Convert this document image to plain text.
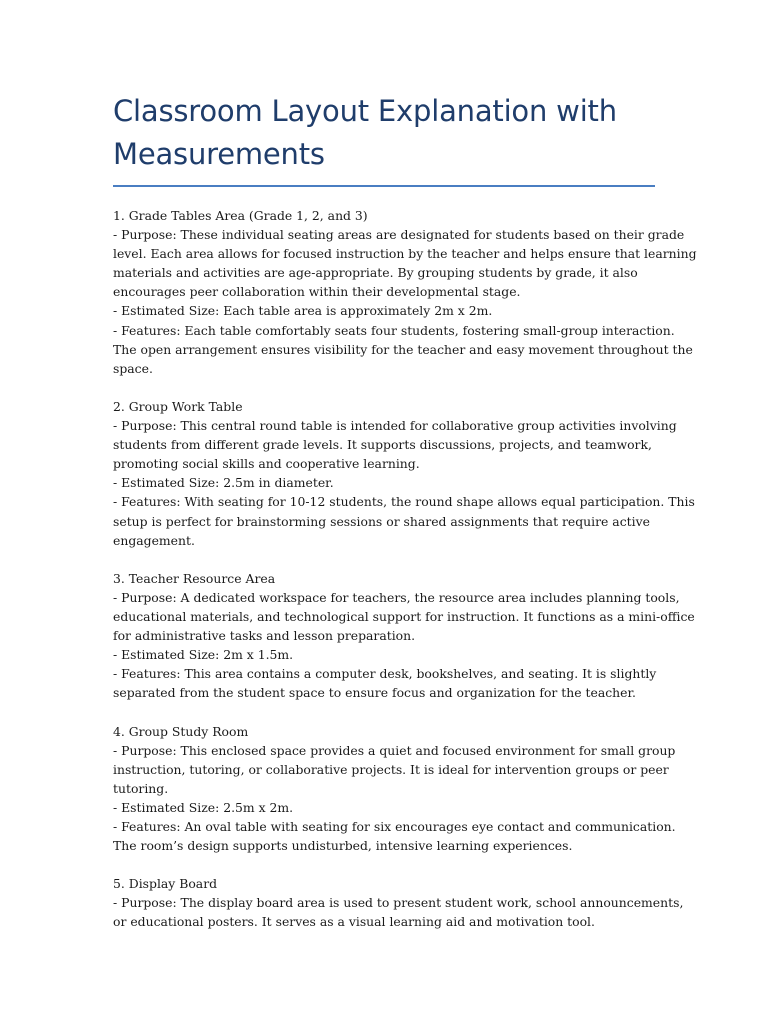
Classroom Layout Explanation with Measurements
1. Grade Tables Area (Grade 1, 2, and 3)
- Purpose: These individual seating areas are designated for students based on their grade
level. Each area allows for focused instruction by the teacher and helps ensure that learning
materials and activities are age-appropriate. By grouping students by grade, it also
encourages peer collaboration within their developmental stage.
- Estimated Size: Each table area is approximately 2m x 2m.
- Features: Each table comfortably seats four students, fostering small-group interaction.
The open arrangement ensures visibility for the teacher and easy movement throughout the
space.
2. Group Work Table
- Purpose: This central round table is intended for collaborative group activities involving
students from different grade levels. It supports discussions, projects, and teamwork,
promoting social skills and cooperative learning.
- Estimated Size: 2.5m in diameter.
- Features: With seating for 10-12 students, the round shape allows equal participation. This
setup is perfect for brainstorming sessions or shared assignments that require active
engagement.
3. Teacher Resource Area
- Purpose: A dedicated workspace for teachers, the resource area includes planning tools,
educational materials, and technological support for instruction. It functions as a mini-office
for administrative tasks and lesson preparation.
- Estimated Size: 2m x 1.5m.
- Features: This area contains a computer desk, bookshelves, and seating. It is slightly
separated from the student space to ensure focus and organization for the teacher.
4. Group Study Room
- Purpose: This enclosed space provides a quiet and focused environment for small group
instruction, tutoring, or collaborative projects. It is ideal for intervention groups or peer
tutoring.
- Estimated Size: 2.5m x 2m.
- Features: An oval table with seating for six encourages eye contact and communication.
The room’s design supports undisturbed, intensive learning experiences.
5. Display Board
- Purpose: The display board area is used to present student work, school announcements,
or educational posters. It serves as a visual learning aid and motivation tool.
